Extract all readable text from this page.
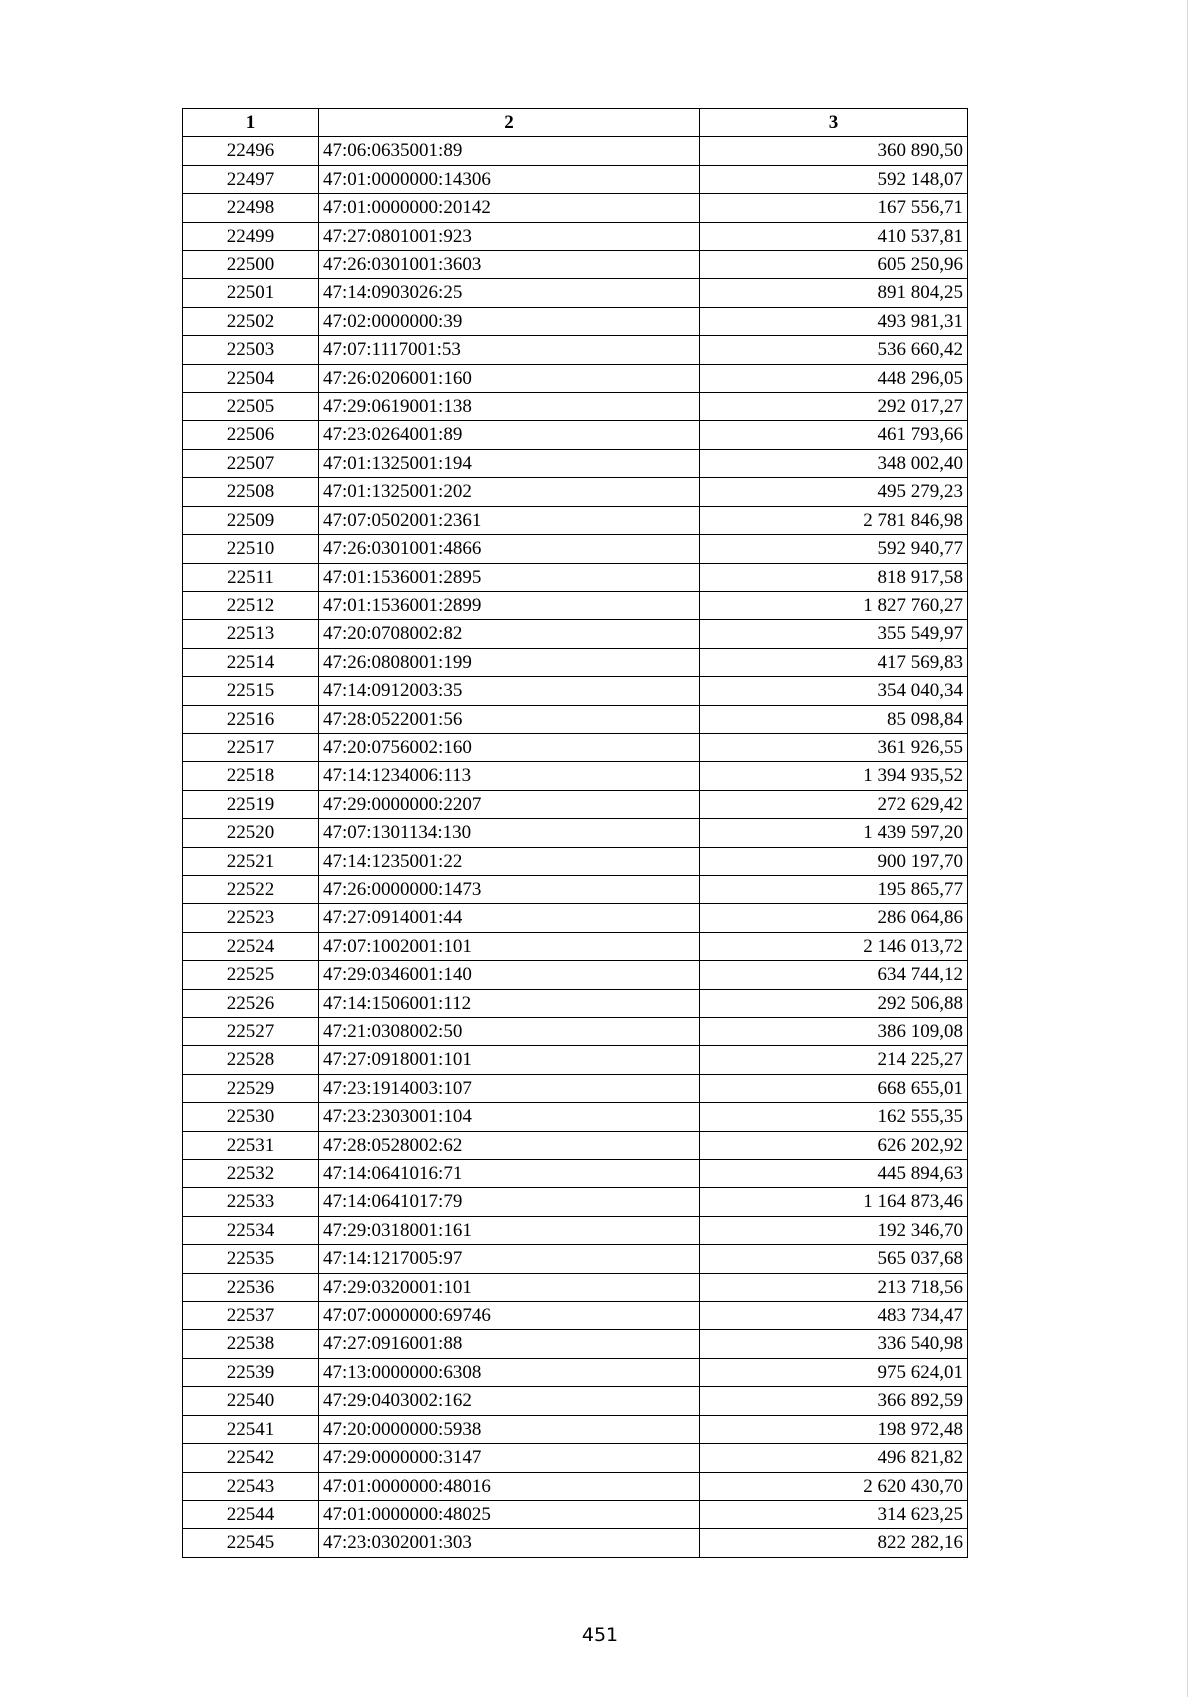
1	2	3
22496	47:06:0635001:89	360 890,50
22497	47:01:0000000:14306	592 148,07
22498	47:01:0000000:20142	167 556,71
22499	47:27:0801001:923	410 537,81
22500	47:26:0301001:3603	605 250,96
22501	47:14:0903026:25	891 804,25
22502	47:02:0000000:39	493 981,31
22503	47:07:1117001:53	536 660,42
22504	47:26:0206001:160	448 296,05
22505	47:29:0619001:138	292 017,27
22506	47:23:0264001:89	461 793,66
22507	47:01:1325001:194	348 002,40
22508	47:01:1325001:202	495 279,23
22509	47:07:0502001:2361	2 781 846,98
22510	47:26:0301001:4866	592 940,77
22511	47:01:1536001:2895	818 917,58
22512	47:01:1536001:2899	1 827 760,27
22513	47:20:0708002:82	355 549,97
22514	47:26:0808001:199	417 569,83
22515	47:14:0912003:35	354 040,34
22516	47:28:0522001:56	85 098,84
22517	47:20:0756002:160	361 926,55
22518	47:14:1234006:113	1 394 935,52
22519	47:29:0000000:2207	272 629,42
22520	47:07:1301134:130	1 439 597,20
22521	47:14:1235001:22	900 197,70
22522	47:26:0000000:1473	195 865,77
22523	47:27:0914001:44	286 064,86
22524	47:07:1002001:101	2 146 013,72
22525	47:29:0346001:140	634 744,12
22526	47:14:1506001:112	292 506,88
22527	47:21:0308002:50	386 109,08
22528	47:27:0918001:101	214 225,27
22529	47:23:1914003:107	668 655,01
22530	47:23:2303001:104	162 555,35
22531	47:28:0528002:62	626 202,92
22532	47:14:0641016:71	445 894,63
22533	47:14:0641017:79	1 164 873,46
22534	47:29:0318001:161	192 346,70
22535	47:14:1217005:97	565 037,68
22536	47:29:0320001:101	213 718,56
22537	47:07:0000000:69746	483 734,47
22538	47:27:0916001:88	336 540,98
22539	47:13:0000000:6308	975 624,01
22540	47:29:0403002:162	366 892,59
22541	47:20:0000000:5938	198 972,48
22542	47:29:0000000:3147	496 821,82
22543	47:01:0000000:48016	2 620 430,70
22544	47:01:0000000:48025	314 623,25
22545	47:23:0302001:303	822 282,16
451
